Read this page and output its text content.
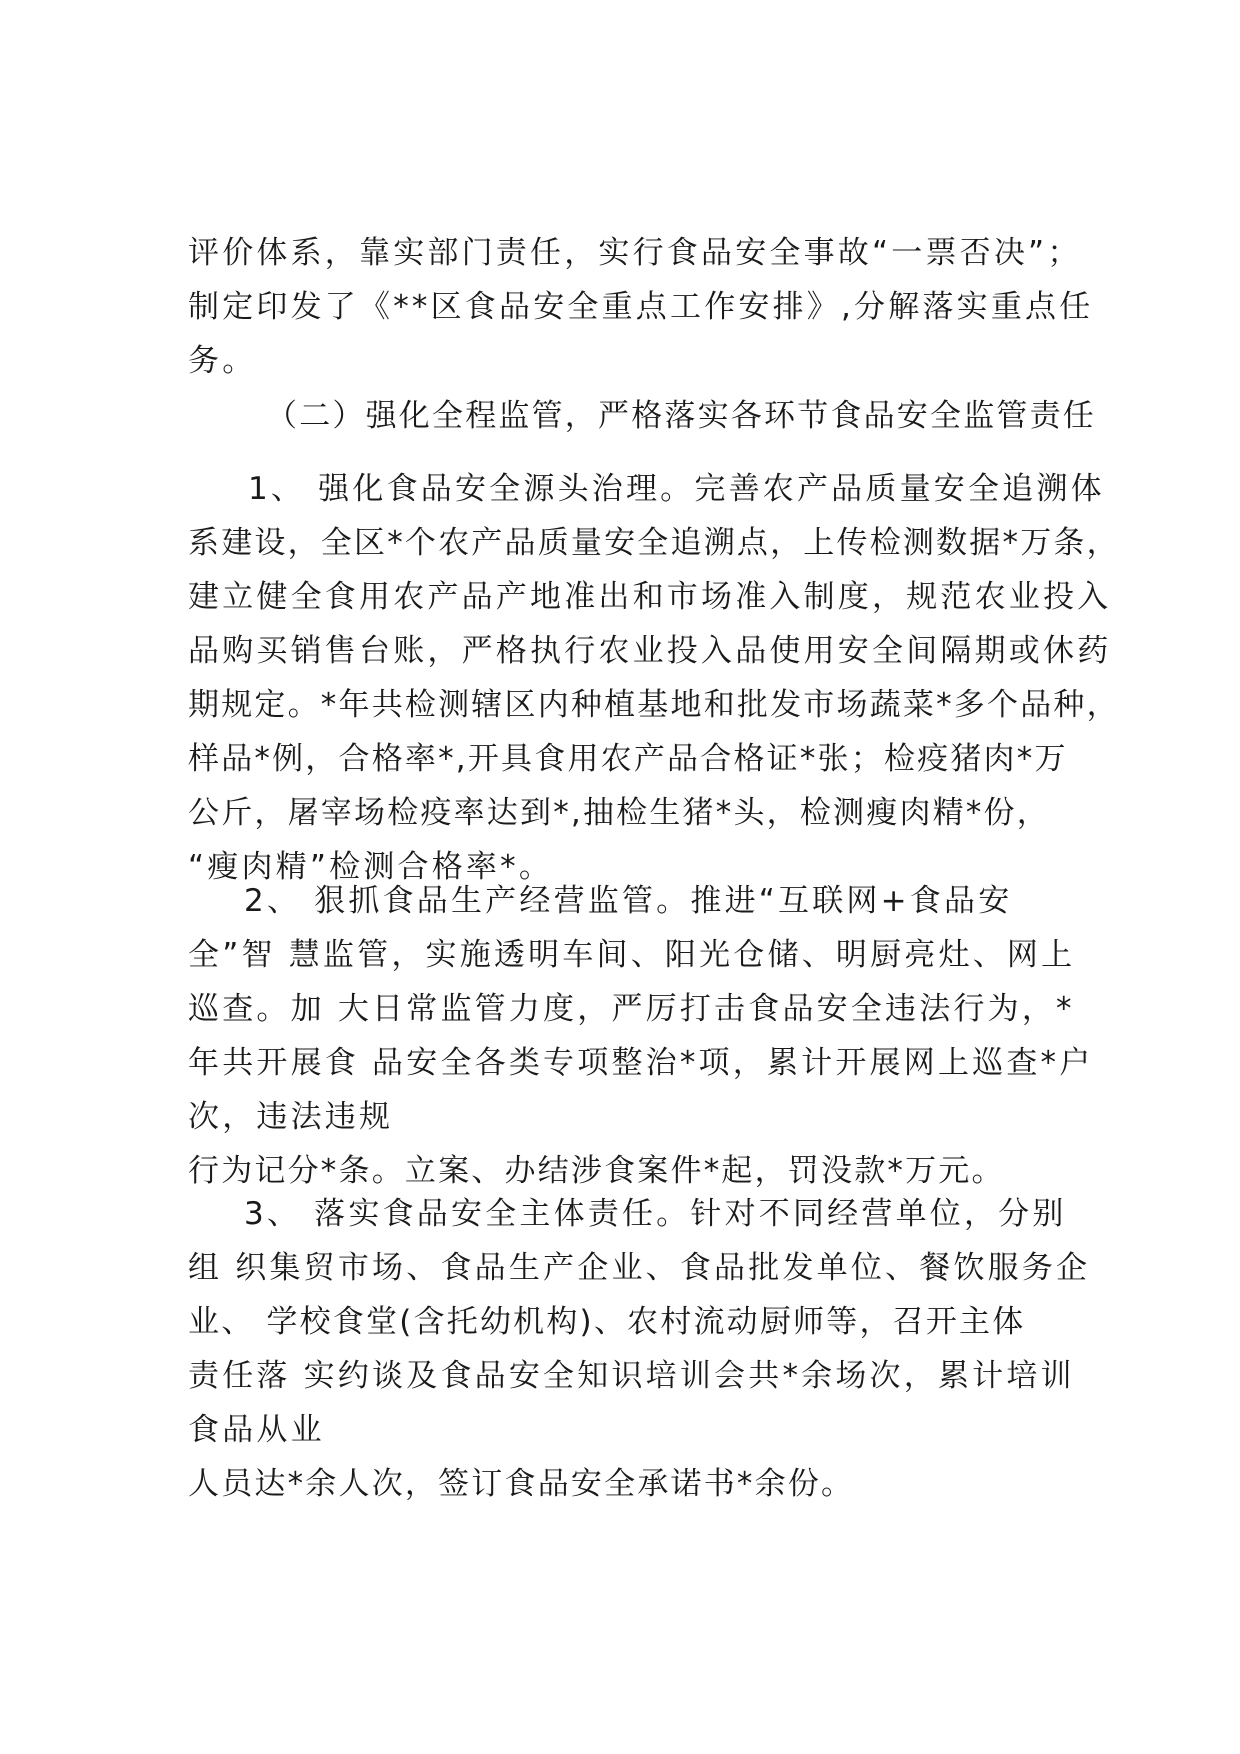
评价体系，靠实部门责任，实行食品安全事故“一票否决”；
制定印发了《**区食品安全重点工作安排》,分解落实重点任
务。
（二）强化全程监管，严格落实各环节食品安全监管责任
1、 强化食品安全源头治理。完善农产品质量安全追溯体
系建设，全区*个农产品质量安全追溯点，上传检测数据*万条，
建立健全食用农产品产地准出和市场准入制度，规范农业投入
品购买销售台账，严格执行农业投入品使用安全间隔期或休药
期规定。*年共检测辖区内种植基地和批发市场蔬菜*多个品种，
样品*例，合格率*,开具食用农产品合格证*张；检疫猪肉*万
公斤，屠宰场检疫率达到*,抽检生猪*头，检测瘦肉精*份，
“瘦肉精”检测合格率*。
2、 狠抓食品生产经营监管。推进“互联网+食品安
全”智 慧监管，实施透明车间、阳光仓储、明厨亮灶、网上
巡查。加 大日常监管力度，严厉打击食品安全违法行为，*
年共开展食 品安全各类专项整治*项，累计开展网上巡查*户
次，违法违规
行为记分*条。立案、办结涉食案件*起，罚没款*万元。
3、 落实食品安全主体责任。针对不同经营单位，分别
组 织集贸市场、食品生产企业、食品批发单位、餐饮服务企
业、 学校食堂(含托幼机构)、农村流动厨师等，召开主体
责任落 实约谈及食品安全知识培训会共*余场次，累计培训
食品从业
人员达*余人次，签订食品安全承诺书*余份。
